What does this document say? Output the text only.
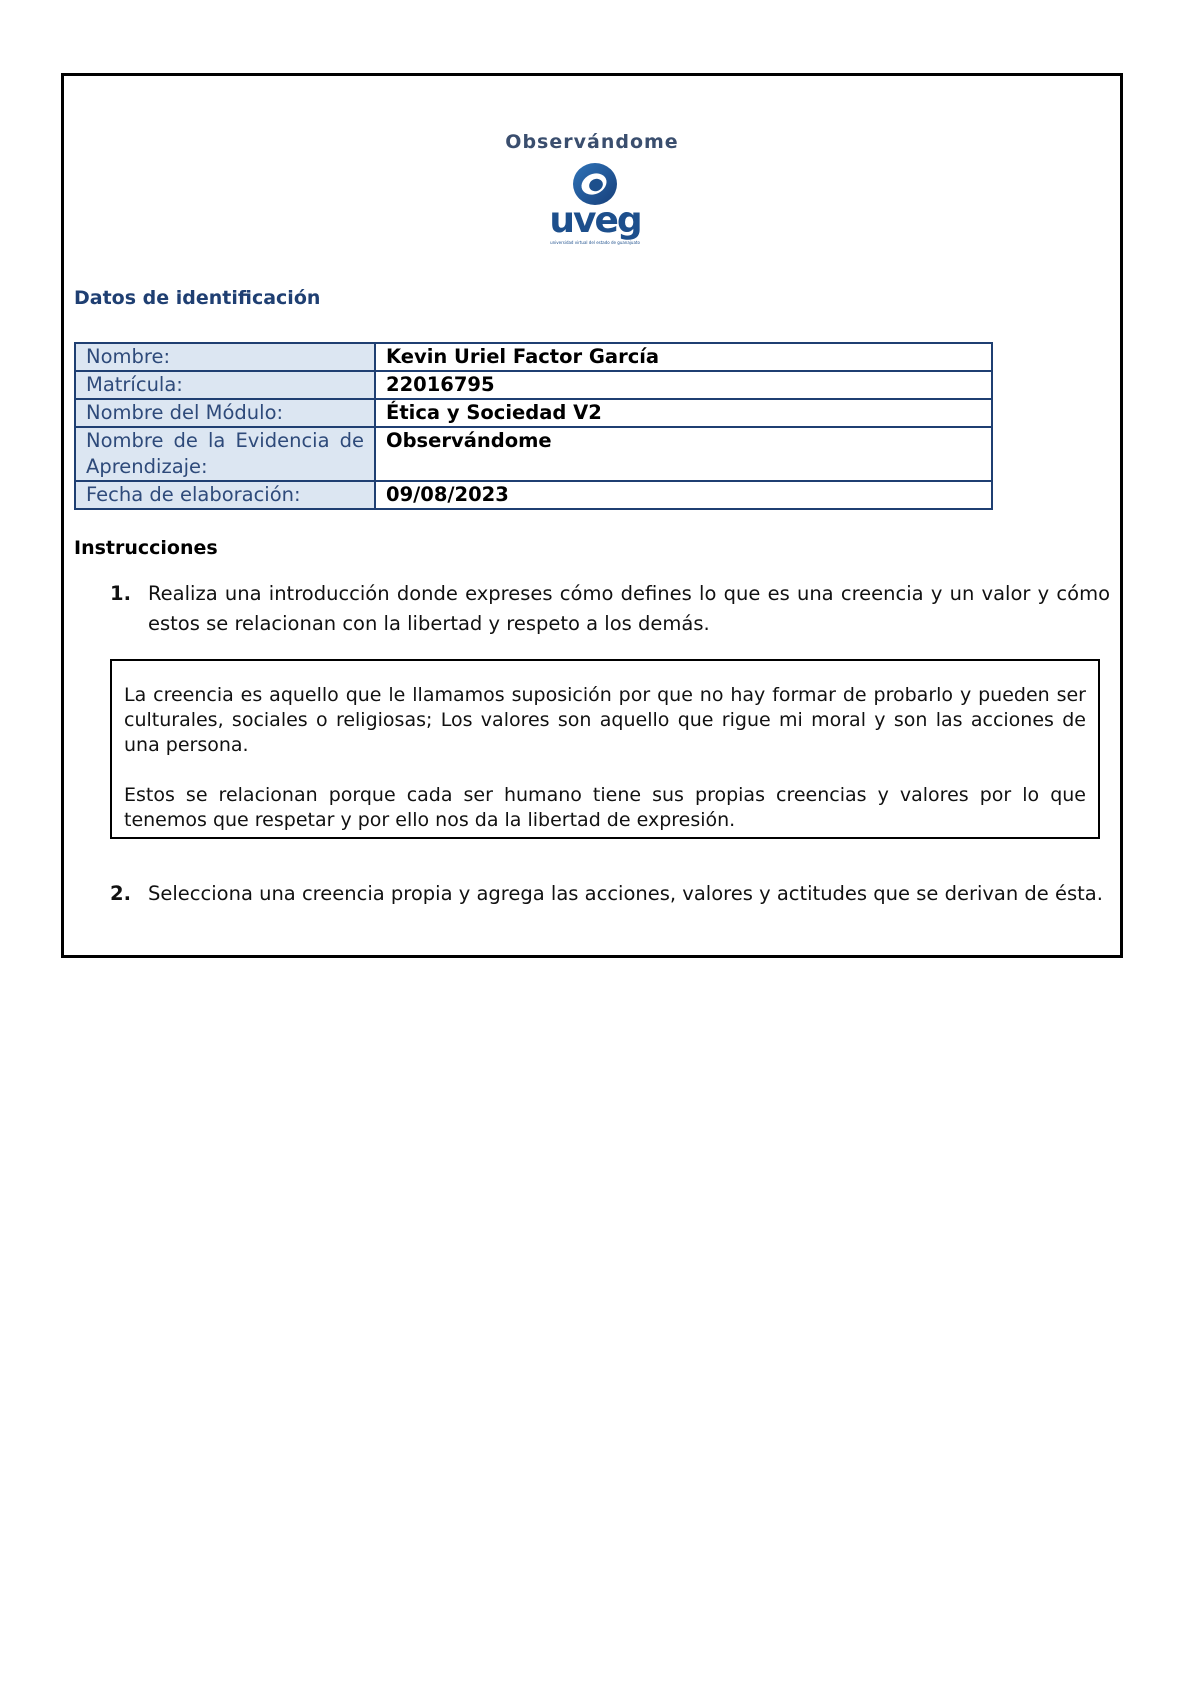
Observándome
uveg
universidad virtual del estado de guanajuato
Datos de identificación
Nombre:	Kevin Uriel Factor García
Matrícula:	22016795
Nombre del Módulo:	Ética y Sociedad V2
Nombre de la Evidencia de Aprendizaje:	Observándome
Fecha de elaboración:	09/08/2023
Instrucciones
1. Realiza una introducción donde expreses cómo defines lo que es una creencia y un valor y cómo estos se relacionan con la libertad y respeto a los demás.

La creencia es aquello que le llamamos suposición por que no hay formar de probarlo y pueden ser culturales, sociales o religiosas; Los valores son aquello que rigue mi moral y son las acciones de una persona.

Estos se relacionan porque cada ser humano tiene sus propias creencias y valores por lo que tenemos que respetar y por ello nos da la libertad de expresión.

2. Selecciona una creencia propia y agrega las acciones, valores y actitudes que se derivan de ésta.
